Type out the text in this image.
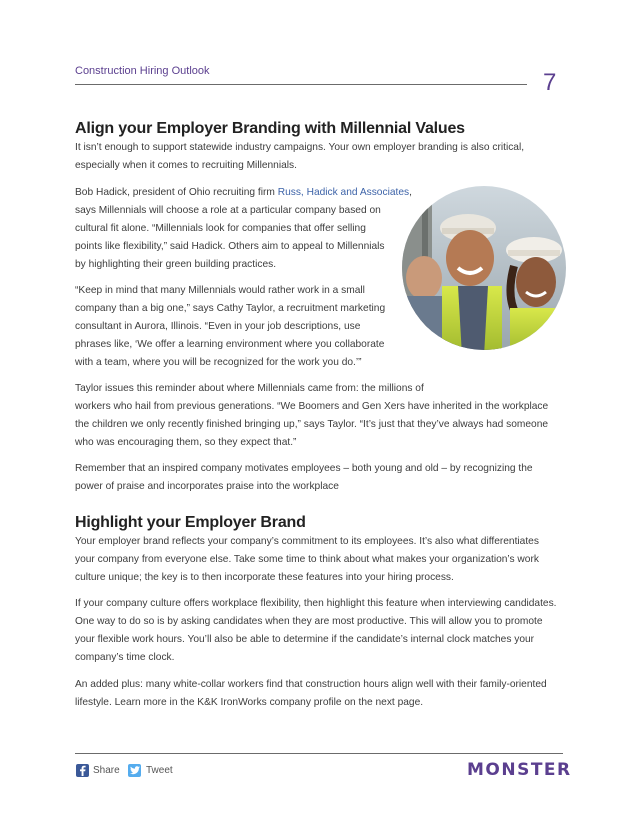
Construction Hiring Outlook	7
Align your Employer Branding with Millennial Values
It isn’t enough to support statewide industry campaigns. Your own employer branding is also critical,
especially when it comes to recruiting Millennials.
Bob Hadick, president of Ohio recruiting firm Russ, Hadick and Associates,
says Millennials will choose a role at a particular company based on
cultural fit alone. “Millennials look for companies that offer selling
points like flexibility,” said Hadick. Others aim to appeal to Millennials
by highlighting their green building practices.
“Keep in mind that many Millennials would rather work in a small
company than a big one,” says Cathy Taylor, a recruitment marketing
consultant in Aurora, Illinois. “Even in your job descriptions, use
phrases like, ‘We offer a learning environment where you collaborate
with a team, where you will be recognized for the work you do.’”
Taylor issues this reminder about where Millennials came from: the millions of
workers who hail from previous generations. “We Boomers and Gen Xers have inherited in the workplace
the children we only recently finished bringing up,” says Taylor. “It’s just that they’ve always had someone
who was encouraging them, so they expect that.”
Remember that an inspired company motivates employees – both young and old – by recognizing the
power of praise and incorporates praise into the workplace
Highlight your Employer Brand
Your employer brand reflects your company’s commitment to its employees. It’s also what differentiates
your company from everyone else. Take some time to think about what makes your organization’s work
culture unique; the key is to then incorporate these features into your hiring process.
If your company culture offers workplace flexibility, then highlight this feature when interviewing candidates.
One way to do so is by asking candidates when they are most productive. This will allow you to promote
your flexible work hours. You’ll also be able to determine if the candidate’s internal clock matches your
company’s time clock.
An added plus: many white-collar workers find that construction hours align well with their family-oriented
lifestyle. Learn more in the K&K IronWorks company profile on the next page.
Share	Tweet	MONSTER
